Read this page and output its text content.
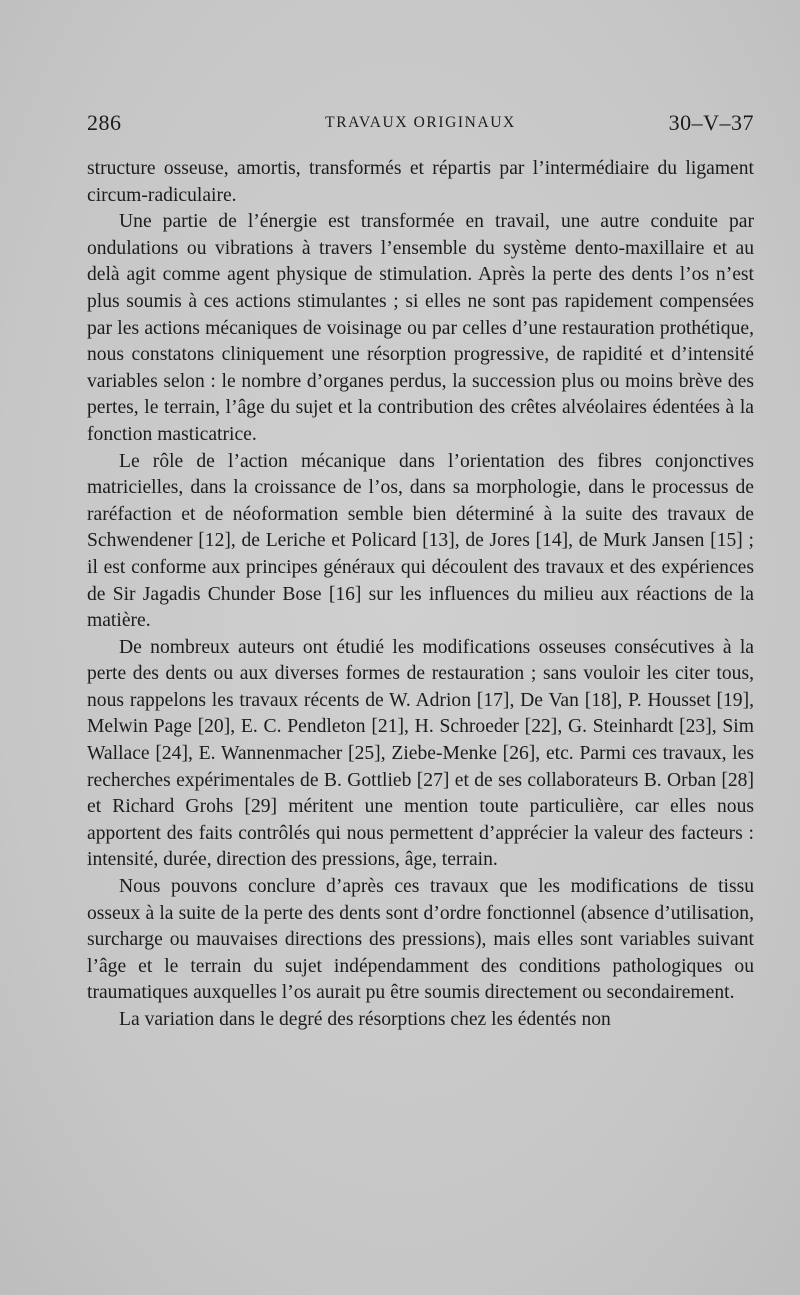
286	TRAVAUX ORIGINAUX	30–V–37

structure osseuse, amortis, transformés et répartis par l’intermédiaire du ligament circum-radiculaire.

Une partie de l’énergie est transformée en travail, une autre conduite par ondulations ou vibrations à travers l’ensemble du système dento-maxillaire et au delà agit comme agent physique de stimulation. Après la perte des dents l’os n’est plus soumis à ces actions stimulantes ; si elles ne sont pas rapidement compensées par les actions mécaniques de voisinage ou par celles d’une restauration prothétique, nous constatons cliniquement une résorption progressive, de rapidité et d’intensité variables selon : le nombre d’organes perdus, la succession plus ou moins brève des pertes, le terrain, l’âge du sujet et la contribution des crêtes alvéolaires édentées à la fonction masticatrice.

Le rôle de l’action mécanique dans l’orientation des fibres conjonctives matricielles, dans la croissance de l’os, dans sa morphologie, dans le processus de raréfaction et de néoformation semble bien déterminé à la suite des travaux de Schwendener [12], de Leriche et Policard [13], de Jores [14], de Murk Jansen [15] ; il est conforme aux principes généraux qui découlent des travaux et des expériences de Sir Jagadis Chunder Bose [16] sur les influences du milieu aux réactions de la matière.

De nombreux auteurs ont étudié les modifications osseuses consécutives à la perte des dents ou aux diverses formes de restauration ; sans vouloir les citer tous, nous rappelons les travaux récents de W. Adrion [17], De Van [18], P. Housset [19], Melwin Page [20], E. C. Pendleton [21], H. Schroeder [22], G. Steinhardt [23], Sim Wallace [24], E. Wannenmacher [25], Ziebe-Menke [26], etc. Parmi ces travaux, les recherches expérimentales de B. Gottlieb [27] et de ses collaborateurs B. Orban [28] et Richard Grohs [29] méritent une mention toute particulière, car elles nous apportent des faits contrôlés qui nous permettent d’apprécier la valeur des facteurs : intensité, durée, direction des pressions, âge, terrain.

Nous pouvons conclure d’après ces travaux que les modifications de tissu osseux à la suite de la perte des dents sont d’ordre fonctionnel (absence d’utilisation, surcharge ou mauvaises directions des pressions), mais elles sont variables suivant l’âge et le terrain du sujet indépendamment des conditions pathologiques ou traumatiques auxquelles l’os aurait pu être soumis directement ou secondairement.

La variation dans le degré des résorptions chez les édentés non
